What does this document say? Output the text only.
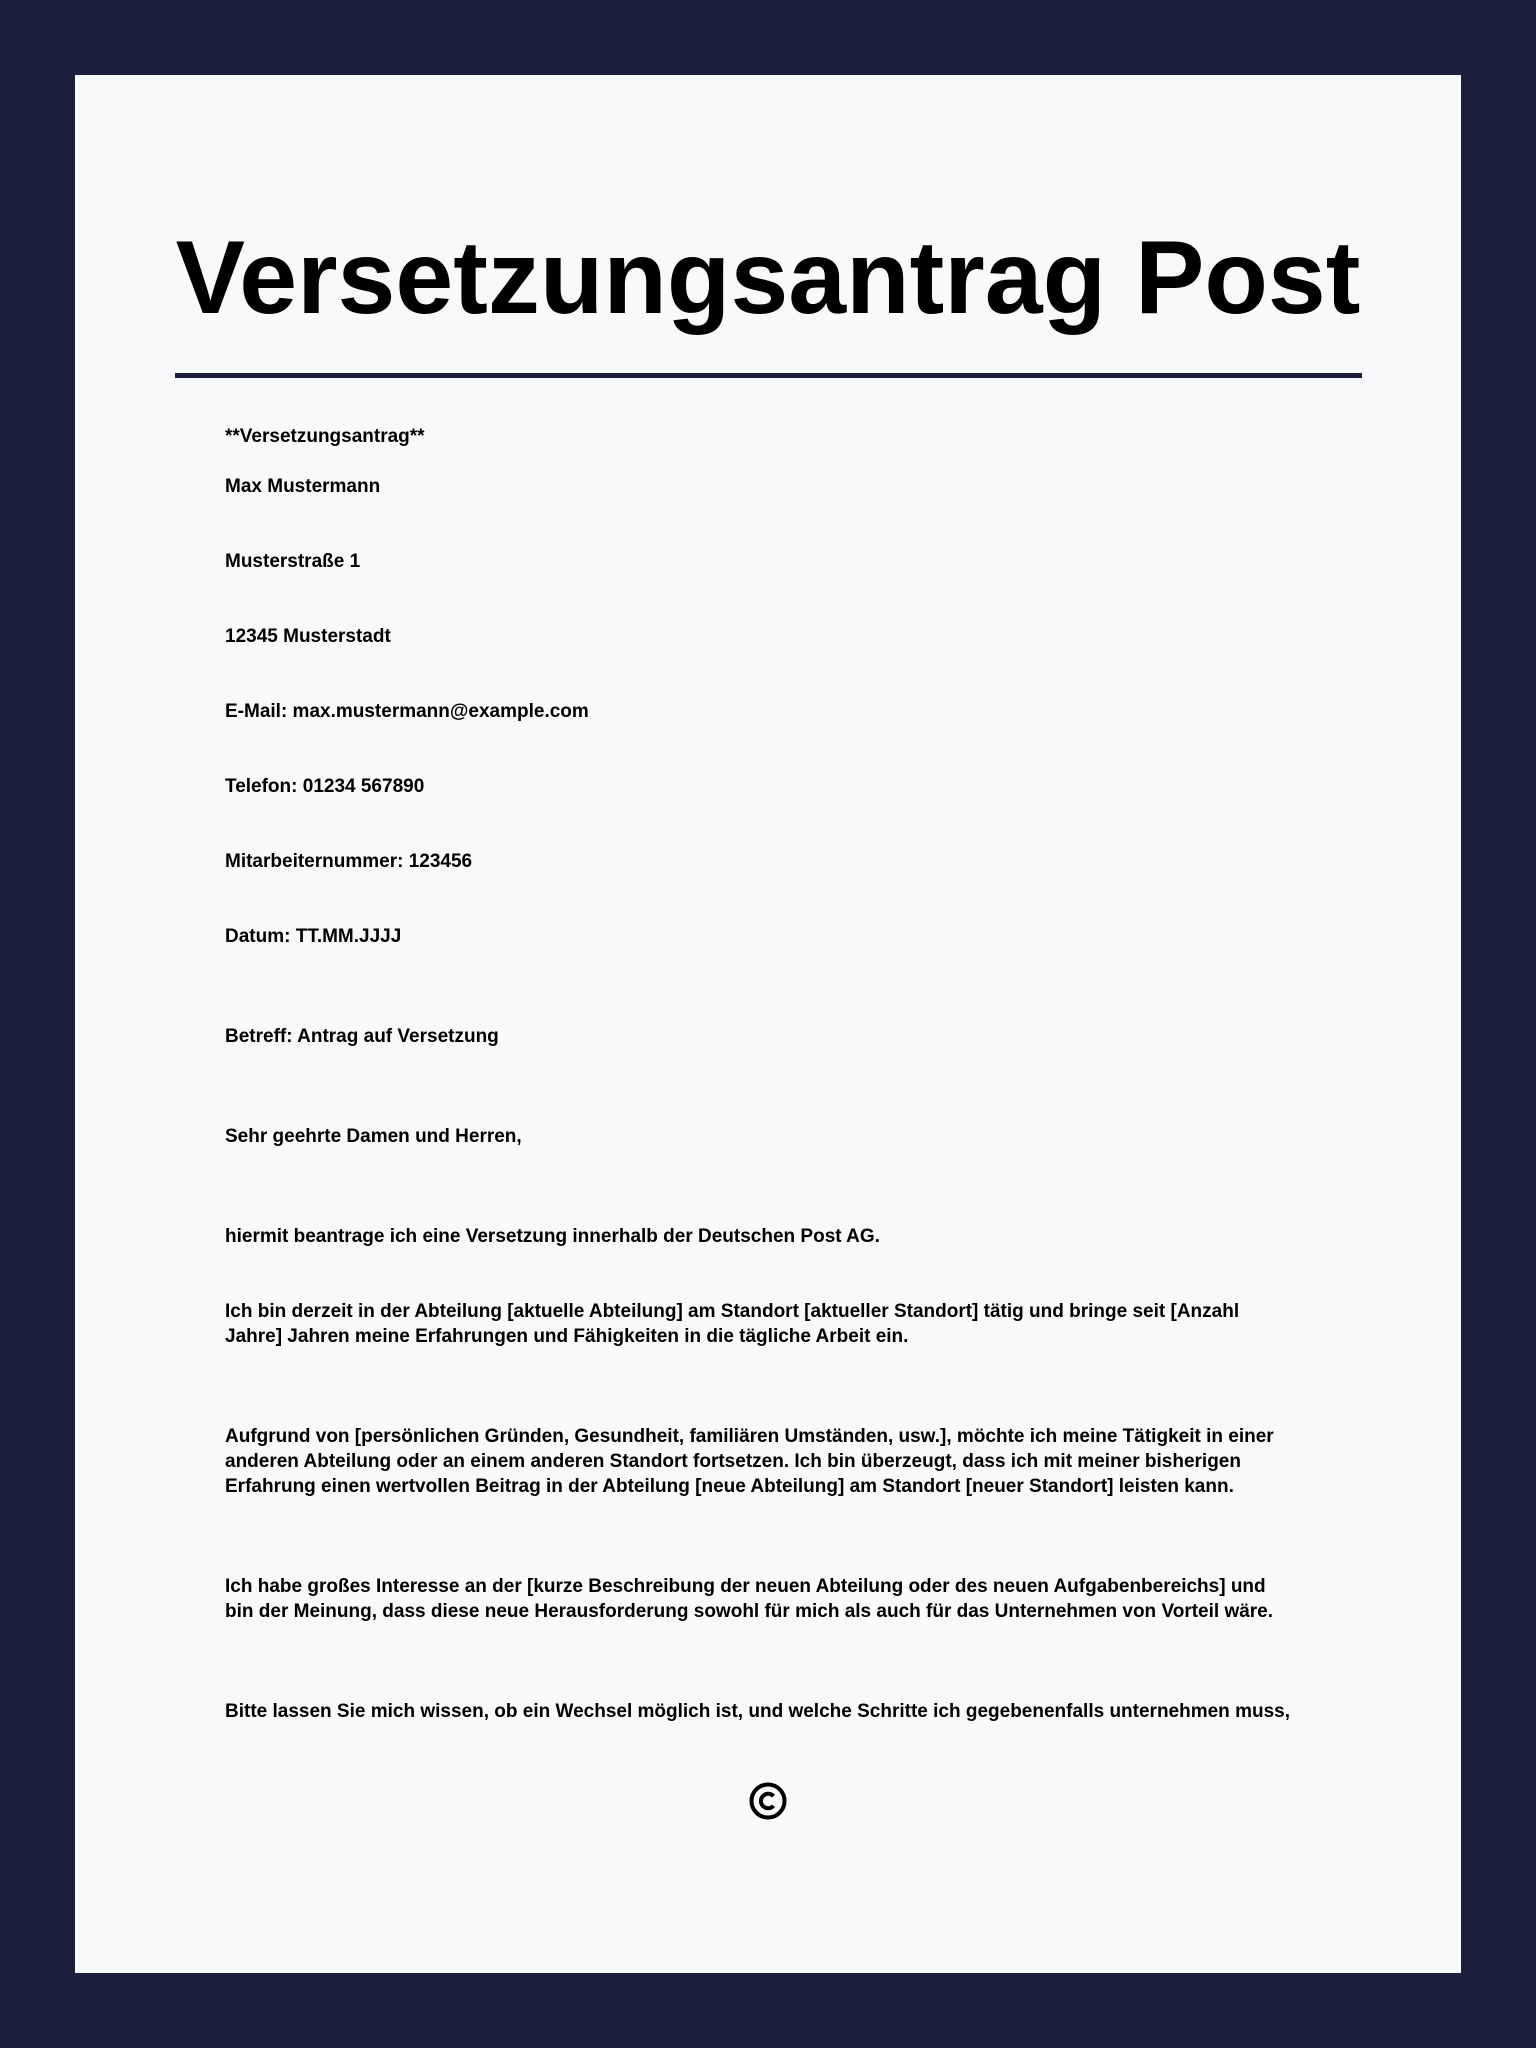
Versetzungsantrag Post

**Versetzungsantrag**

Max Mustermann

Musterstraße 1

12345 Musterstadt

E-Mail: max.mustermann@example.com

Telefon: 01234 567890

Mitarbeiternummer: 123456

Datum: TT.MM.JJJJ

Betreff: Antrag auf Versetzung

Sehr geehrte Damen und Herren,

hiermit beantrage ich eine Versetzung innerhalb der Deutschen Post AG.
Ich bin derzeit in der Abteilung [aktuelle Abteilung] am Standort [aktueller Standort] tätig und bringe seit [Anzahl
Jahre] Jahren meine Erfahrungen und Fähigkeiten in die tägliche Arbeit ein.
Aufgrund von [persönlichen Gründen, Gesundheit, familiären Umständen, usw.], möchte ich meine Tätigkeit in einer
anderen Abteilung oder an einem anderen Standort fortsetzen. Ich bin überzeugt, dass ich mit meiner bisherigen
Erfahrung einen wertvollen Beitrag in der Abteilung [neue Abteilung] am Standort [neuer Standort] leisten kann.
Ich habe großes Interesse an der [kurze Beschreibung der neuen Abteilung oder des neuen Aufgabenbereichs] und
bin der Meinung, dass diese neue Herausforderung sowohl für mich als auch für das Unternehmen von Vorteil wäre.
Bitte lassen Sie mich wissen, ob ein Wechsel möglich ist, und welche Schritte ich gegebenenfalls unternehmen muss,
